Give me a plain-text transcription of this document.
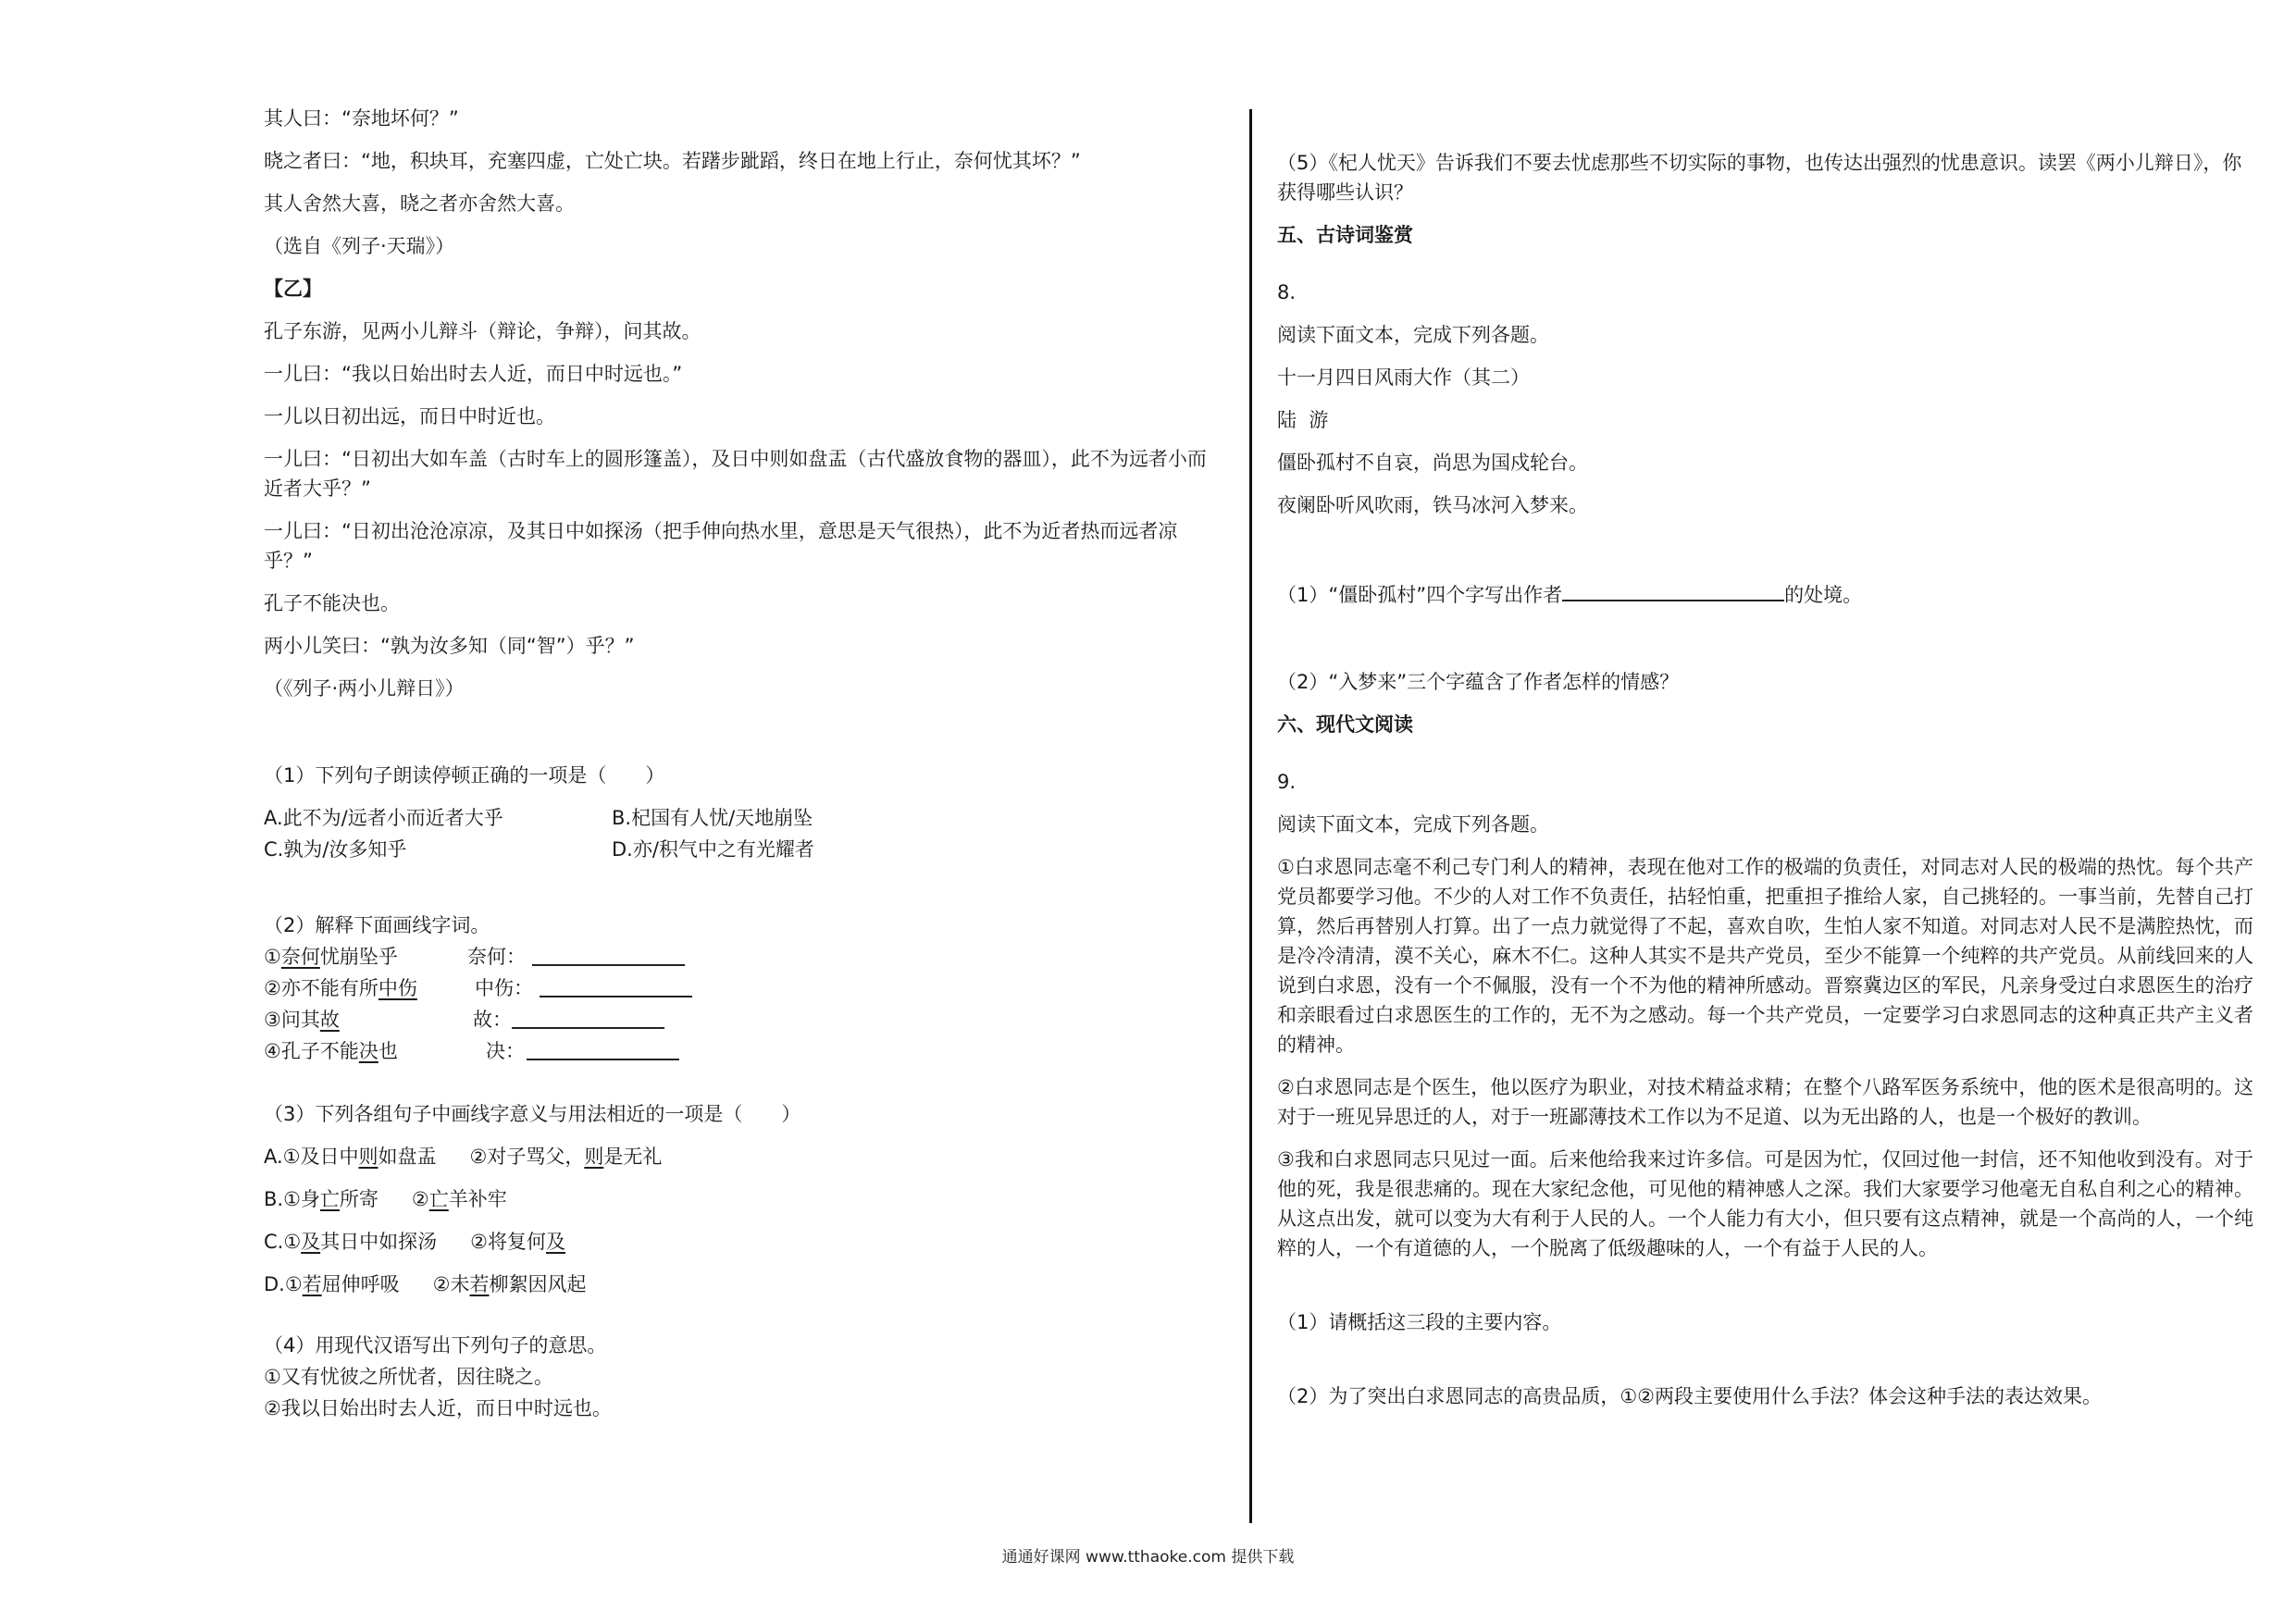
其人曰：“奈地坏何？”
晓之者曰：“地，积块耳，充塞四虚，亡处亡块。若躇步跐蹈，终日在地上行止，奈何忧其坏？”
其人舍然大喜，晓之者亦舍然大喜。
（选自《列子·天瑞》）
【乙】
孔子东游，见两小儿辩斗（辩论，争辩），问其故。
一儿曰：“我以日始出时去人近，而日中时远也。”
一儿以日初出远，而日中时近也。
一儿曰：“日初出大如车盖（古时车上的圆形篷盖），及日中则如盘盂（古代盛放食物的器皿），此不为远者小而近者大乎？”
一儿曰：“日初出沧沧凉凉，及其日中如探汤（把手伸向热水里，意思是天气很热），此不为近者热而远者凉乎？”
孔子不能决也。
两小儿笑曰：“孰为汝多知（同“智”）乎？”
（《列子·两小儿辩日》）
（1）下列句子朗读停顿正确的一项是（　　）
A.此不为/远者小而近者大乎	B.杞国有人忧/天地崩坠
C.孰为/汝多知乎	D.亦/积气中之有光耀者
（2）解释下面画线字词。
①奈何忧崩坠乎	奈何：
②亦不能有所中伤	中伤：
③问其故	故：
④孔子不能决也	决：
（3）下列各组句子中画线字意义与用法相近的一项是（　　）
A.①及日中则如盘盂 ②对子骂父，则是无礼
B.①身亡所寄 ②亡羊补牢
C.①及其日中如探汤 ②将复何及
D.①若屈伸呼吸 ②未若柳絮因风起
（4）用现代汉语写出下列句子的意思。
①又有忧彼之所忧者，因往晓之。
②我以日始出时去人近，而日中时远也。
（5）《杞人忧天》告诉我们不要去忧虑那些不切实际的事物，也传达出强烈的忧患意识。读罢《两小儿辩日》，你获得哪些认识？
五、古诗词鉴赏
8.
阅读下面文本，完成下列各题。
十一月四日风雨大作（其二）
陆  游
僵卧孤村不自哀，尚思为国戍轮台。
夜阑卧听风吹雨，铁马冰河入梦来。
（1）“僵卧孤村”四个字写出作者	的处境。
（2）“入梦来”三个字蕴含了作者怎样的情感？
六、现代文阅读
9.
阅读下面文本，完成下列各题。
①白求恩同志毫不利己专门利人的精神，表现在他对工作的极端的负责任，对同志对人民的极端的热忱。每个共产党员都要学习他。不少的人对工作不负责任，拈轻怕重，把重担子推给人家，自己挑轻的。一事当前，先替自己打算，然后再替别人打算。出了一点力就觉得了不起，喜欢自吹，生怕人家不知道。对同志对人民不是满腔热忱，而是冷冷清清，漠不关心，麻木不仁。这种人其实不是共产党员，至少不能算一个纯粹的共产党员。从前线回来的人说到白求恩，没有一个不佩服，没有一个不为他的精神所感动。晋察冀边区的军民，凡亲身受过白求恩医生的治疗和亲眼看过白求恩医生的工作的，无不为之感动。每一个共产党员，一定要学习白求恩同志的这种真正共产主义者的精神。
②白求恩同志是个医生，他以医疗为职业，对技术精益求精；在整个八路军医务系统中，他的医术是很高明的。这对于一班见异思迁的人，对于一班鄙薄技术工作以为不足道、以为无出路的人，也是一个极好的教训。
③我和白求恩同志只见过一面。后来他给我来过许多信。可是因为忙，仅回过他一封信，还不知他收到没有。对于他的死，我是很悲痛的。现在大家纪念他，可见他的精神感人之深。我们大家要学习他毫无自私自利之心的精神。从这点出发，就可以变为大有利于人民的人。一个人能力有大小，但只要有这点精神，就是一个高尚的人，一个纯粹的人，一个有道德的人，一个脱离了低级趣味的人，一个有益于人民的人。
（1）请概括这三段的主要内容。
（2）为了突出白求恩同志的高贵品质，①②两段主要使用什么手法？体会这种手法的表达效果。
通通好课网 www.tthaoke.com 提供下载
